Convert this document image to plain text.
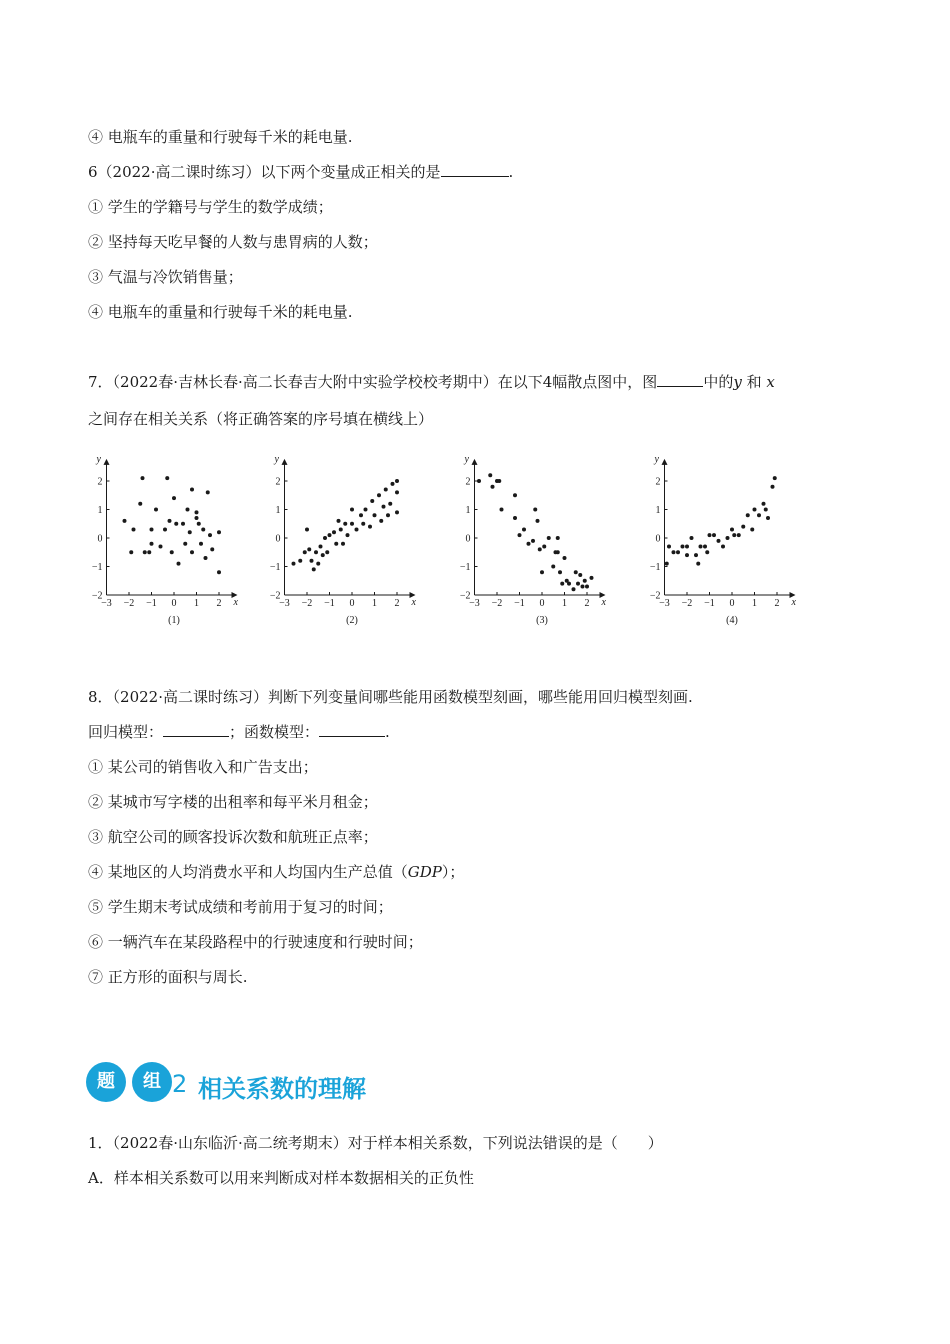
④ 电瓶车的重量和行驶每千米的耗电量.
6（2022·高二课时练习）以下两个变量成正相关的是	.
① 学生的学籍号与学生的数学成绩；
② 坚持每天吃早餐的人数与患胃病的人数；
③ 气温与冷饮销售量；
④ 电瓶车的重量和行驶每千米的耗电量.
7．（2022春·吉林长春·高二长春吉大附中实验学校校考期中）在以下4幅散点图中，图	中的y 和 x
之间存在相关关系（将正确答案的序号填在横线上）
y
x
−3 −2 −1 0 1 2
2
1
0
−1
−2
(1)
y
x
−3 −2 −1 0 1 2
2
1
0
−1
−2
(2)
y
x
−3 −2 −1 0 1 2
2
1
0
−1
−2
(3)
y
x
−3 −2 −1 0 1 2
2
1
0
−1
−2
(4)
8．（2022·高二课时练习）判断下列变量间哪些能用函数模型刻画，哪些能用回归模型刻画.
回归模型：	；函数模型：	.
① 某公司的销售收入和广告支出；
② 某城市写字楼的出租率和每平米月租金；
③ 航空公司的顾客投诉次数和航班正点率；
④ 某地区的人均消费水平和人均国内生产总值（GDP）；
⑤ 学生期末考试成绩和考前用于复习的时间；
⑥ 一辆汽车在某段路程中的行驶速度和行驶时间；
⑦ 正方形的面积与周长.
题	组 2 相关系数的理解
1．（2022春·山东临沂·高二统考期末）对于样本相关系数，下列说法错误的是（　　）
A．样本相关系数可以用来判断成对样本数据相关的正负性
